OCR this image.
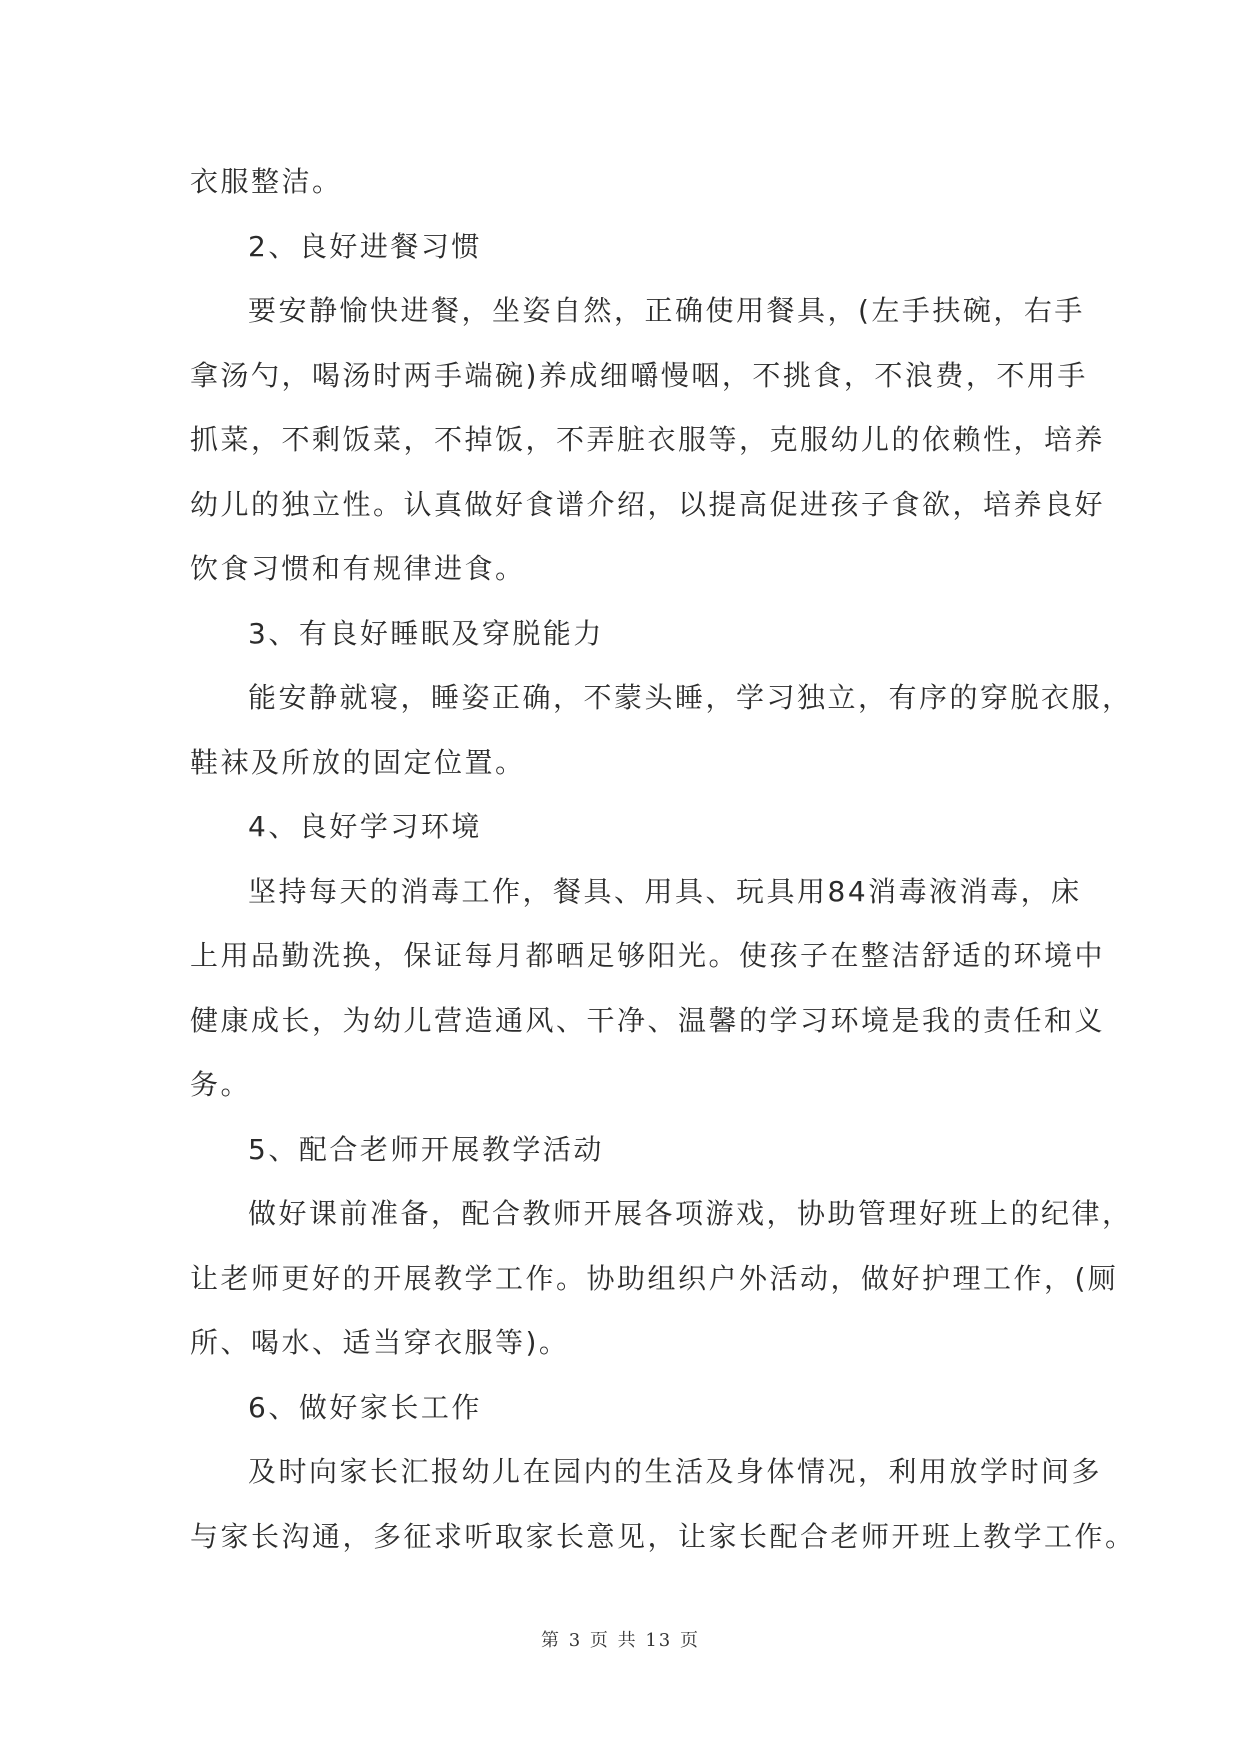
衣服整洁。
2、良好进餐习惯
要安静愉快进餐，坐姿自然，正确使用餐具，(左手扶碗，右手
拿汤勺，喝汤时两手端碗)养成细嚼慢咽，不挑食，不浪费，不用手
抓菜，不剩饭菜，不掉饭，不弄脏衣服等，克服幼儿的依赖性，培养
幼儿的独立性。认真做好食谱介绍，以提高促进孩子食欲，培养良好
饮食习惯和有规律进食。
3、有良好睡眠及穿脱能力
能安静就寝，睡姿正确，不蒙头睡，学习独立，有序的穿脱衣服，
鞋袜及所放的固定位置。
4、良好学习环境
坚持每天的消毒工作，餐具、用具、玩具用84消毒液消毒，床
上用品勤洗换，保证每月都晒足够阳光。使孩子在整洁舒适的环境中
健康成长，为幼儿营造通风、干净、温馨的学习环境是我的责任和义
务。
5、配合老师开展教学活动
做好课前准备，配合教师开展各项游戏，协助管理好班上的纪律，
让老师更好的开展教学工作。协助组织户外活动，做好护理工作，(厕
所、喝水、适当穿衣服等)。
6、做好家长工作
及时向家长汇报幼儿在园内的生活及身体情况，利用放学时间多
与家长沟通，多征求听取家长意见，让家长配合老师开班上教学工作。
第 3 页 共 13 页
